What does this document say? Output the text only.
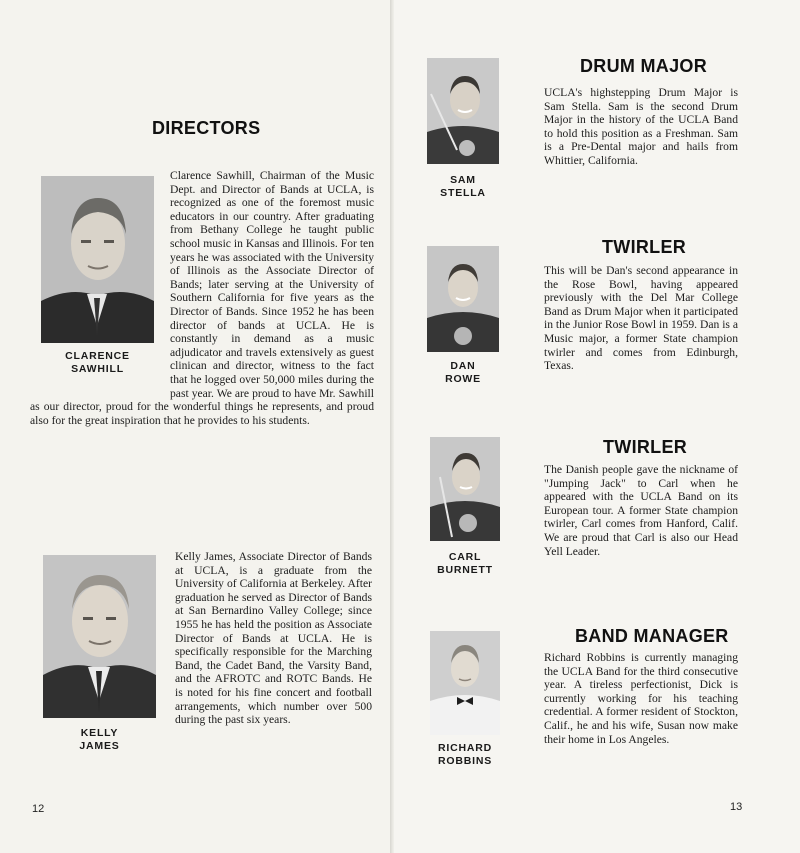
DIRECTORS
CLARENCE
SAWHILL

Clarence Sawhill, Chairman of the Music Dept. and Director of Bands at UCLA, is recognized as one of the foremost music educators in our country. After graduating from Bethany College he taught public school music in Kansas and Illinois. For ten years he was associated with the University of Illinois as the Associate Director of Bands; later serving at the University of Southern California for five years as the Director of Bands. Since 1952 he has been director of bands at UCLA. He is constantly in demand as a music adjudicator and travels extensively as guest clinican and director, witness to the fact that he logged over 50,000 miles during the past year. We are proud to have Mr. Sawhill as our director, proud for the wonderful things he represents, and proud also for the great inspiration that he provides to his students.

KELLY
JAMES

Kelly James, Associate Director of Bands at UCLA, is a graduate from the University of California at Berkeley. After graduation he served as Director of Bands at San Bernardino Valley College; since 1955 he has held the position as Associate Director of Bands at UCLA. He is specifically responsible for the Marching Band, the Cadet Band, the Varsity Band, and the AFROTC and ROTC Bands. He is noted for his fine concert and football arrangements, which number over 500 during the past six years.

12
SAM
STELLA
DRUM MAJOR

UCLA's highstepping Drum Major is Sam Stella. Sam is the second Drum Major in the history of the UCLA Band to hold this position as a Freshman. Sam is a Pre-Dental major and hails from Whittier, California.

DAN
ROWE
TWIRLER

This will be Dan's second appearance in the Rose Bowl, having appeared previously with the Del Mar College Band as Drum Major when it participated in the Junior Rose Bowl in 1959. Dan is a Music major, a former State champion twirler and comes from Edinburgh, Texas.

CARL
BURNETT
TWIRLER

The Danish people gave the nickname of "Jumping Jack" to Carl when he appeared with the UCLA Band on its European tour. A former State champion twirler, Carl comes from Hanford, Calif. We are proud that Carl is also our Head Yell Leader.

RICHARD
ROBBINS
BAND MANAGER

Richard Robbins is currently managing the UCLA Band for the third consecutive year. A tireless perfectionist, Dick is currently working for his teaching credential. A former resident of Stockton, Calif., he and his wife, Susan now make their home in Los Angeles.

13
